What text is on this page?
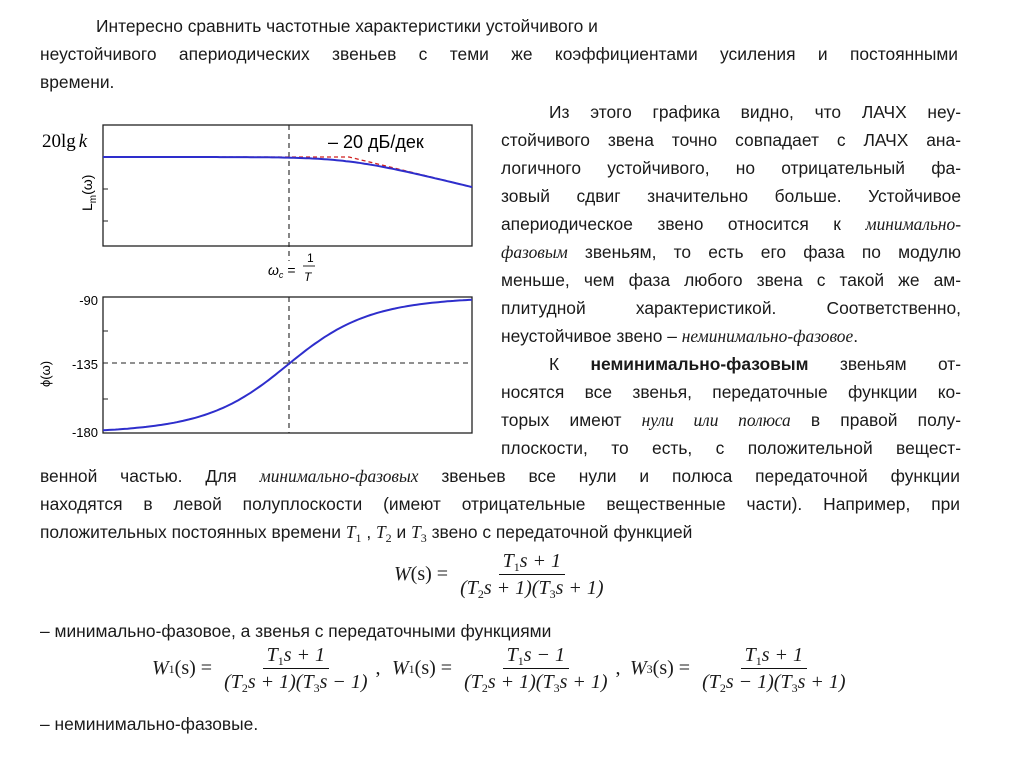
Интересно сравнить частотные характеристики устойчивого и
неустойчивого апериодических звеньев с теми же коэффициентами усиления и постоянными
времени.
20lg k
$L_m(\omega)$
– 20 дБ/дек
$\omega_c$ =
1
T
-90
-135
-180
ϕ(ω)
Из этого графика видно, что ЛАЧХ неу-
стойчивого звена точно совпадает с ЛАЧХ ана-
логичного устойчивого, но отрицательный фа-
зовый сдвиг значительно больше. Устойчивое
апериодическое звено относится к минимально-
фазовым звеньям, то есть его фаза по модулю
меньше, чем фаза любого звена с такой же ам-
плитудной характеристикой. Соответственно,
неустойчивое звено – неминимально-фазовое.
К неминимально-фазовым звеньям от-
носятся все звенья, передаточные функции ко-
торых имеют нули или полюса в правой полу-
плоскости, то есть, с положительной вещест-
венной частью. Для минимально-фазовых звеньев все нули и полюса передаточной функции
находятся в левой полуплоскости (имеют отрицательные вещественные части). Например, при
положительных постоянных времени $T_1$ , $T_2$ и $T_3$ звено с передаточной функцией
W $(s) = \frac{T_1s + 1}{(T_2s + 1)(T_3s + 1)}$
– минимально-фазовое, а звенья с передаточными функциями
W 1 $(s) = \frac{T_1s + 1}{(T_2s + 1)(T_3s - 1)}$ , W 1 $(s) = \frac{T_1s - 1}{(T_2s + 1)(T_3s + 1)}$ , W 3 $(s) = \frac{T_1s + 1}{(T_2s - 1)(T_3s + 1)}$
– неминимально-фазовые.
